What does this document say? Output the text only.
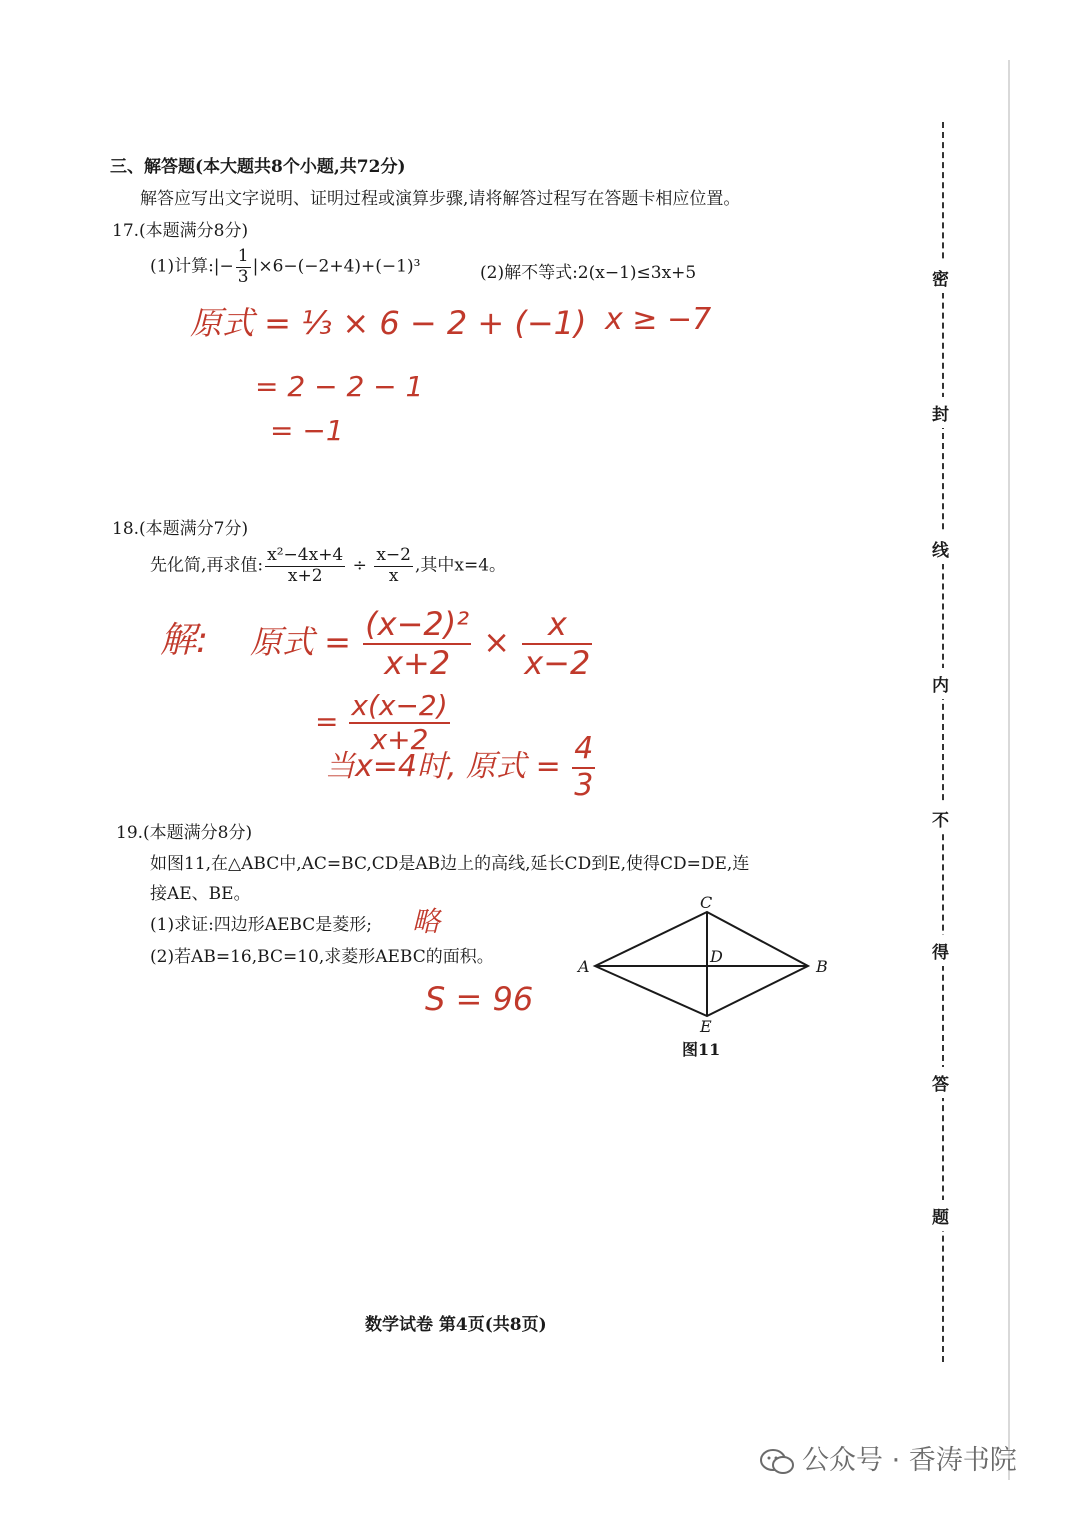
密
封
线
内
不
得
答
题
三、解答题(本大题共8个小题,共72分)
解答应写出文字说明、证明过程或演算步骤,请将解答过程写在答题卡相应位置。
17.(本题满分8分)
(1)计算:|− $\frac{1}{3} |\times 6-(-2+4)+(-1)^3$	(2)解不等式:2(x−1)≤3x+5
原式 = ⅓ × 6 − 2 + (−1)
= 2 − 2 − 1
= −1
x ≥ −7
18.(本题满分7分)
先化简,再求值: $\frac{\text{x²−4x+4}}{x+2} \div \frac{x-2}{x}$ ,其中x=4。
解: 原式 = $\frac{\text{(x−2)²}}{x+2} \times \frac{x}{x-2}$
= $\frac{x(x-2)}{x+2}$
当x=4时, 原式 = $\frac{4}{3}$
19.(本题满分8分)
如图11,在△ABC中,AC=BC,CD是AB边上的高线,延长CD到E,使得CD=DE,连
接AE、BE。
(1)求证:四边形AEBC是菱形; 略
(2)若AB=16,BC=10,求菱形AEBC的面积。
S = 96
A	B
C
D
E
图11
数学试卷 第4页(共8页)
公众号 · 香涛书院
